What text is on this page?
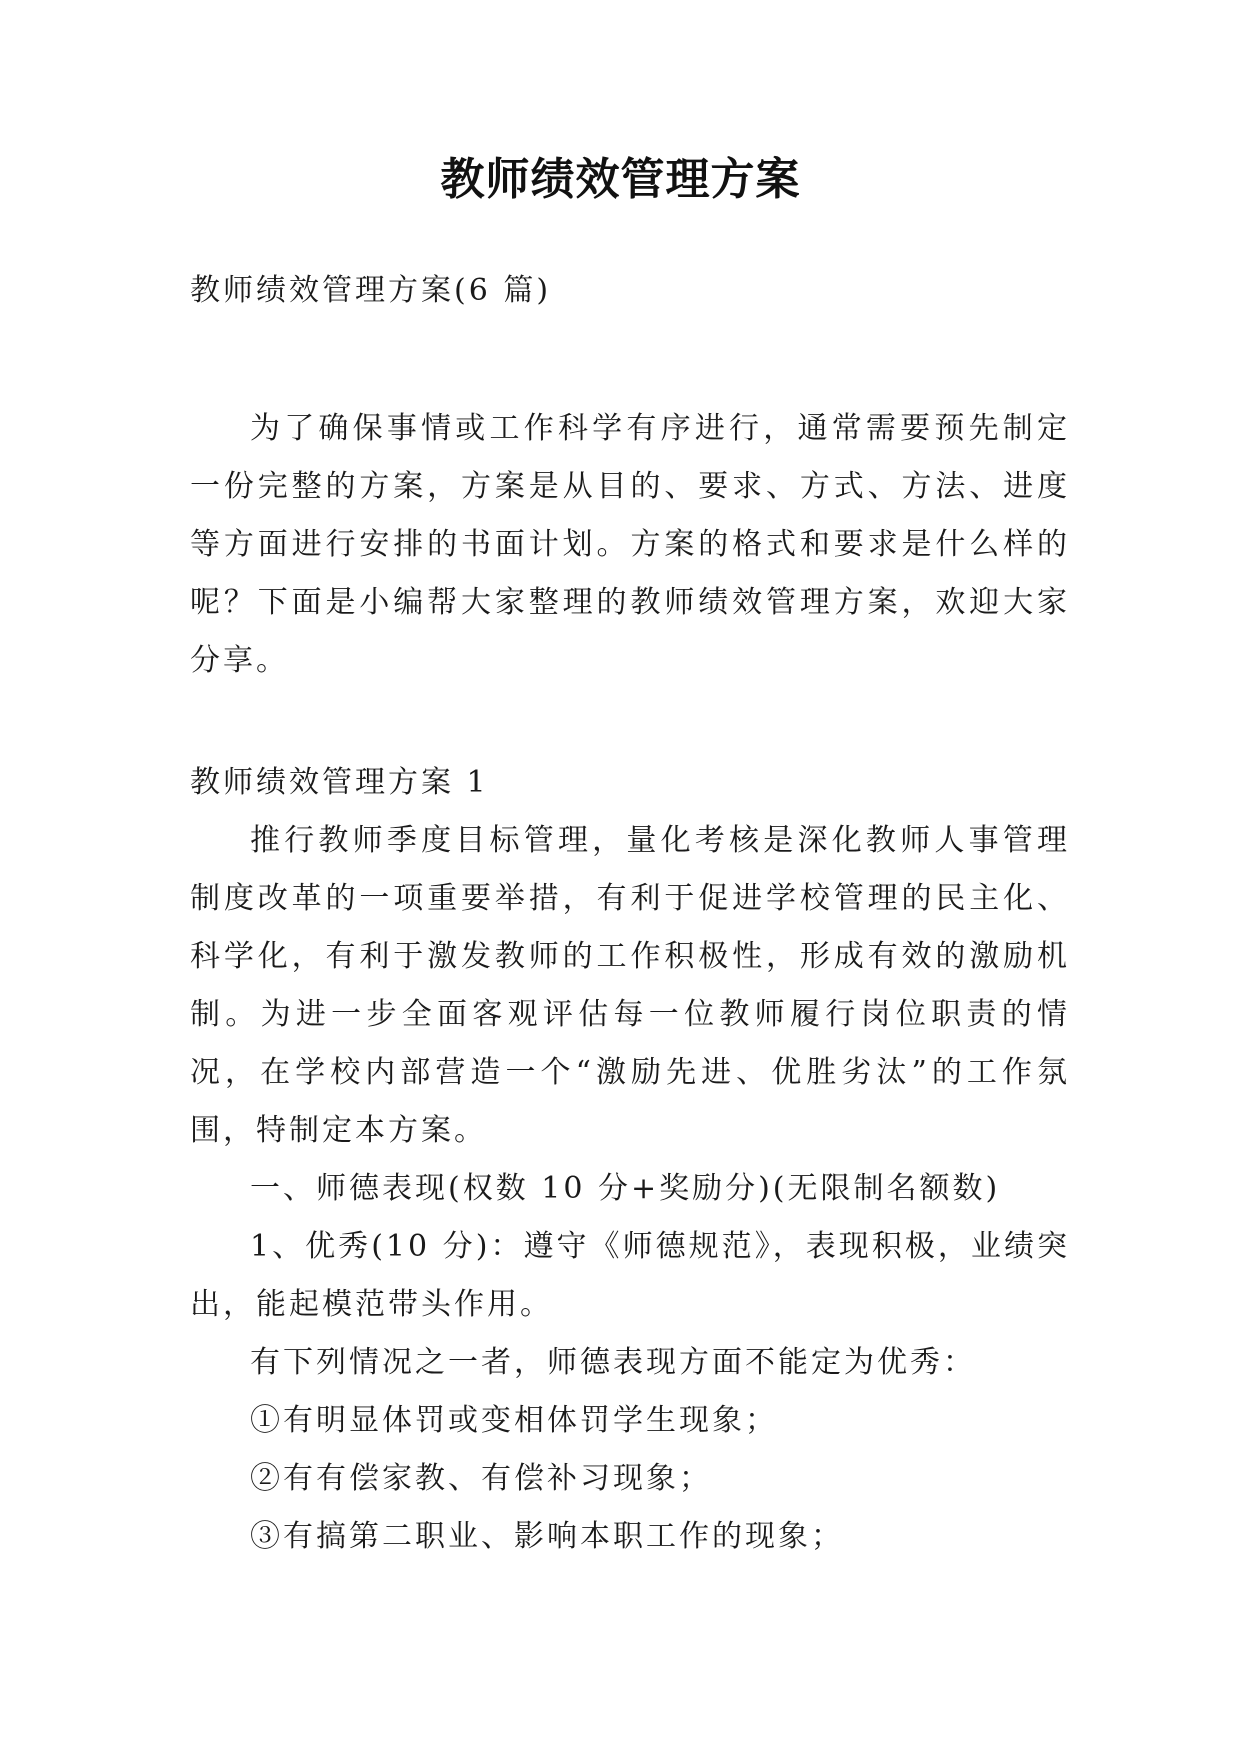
教师绩效管理方案

教师绩效管理方案(6 篇)

为了确保事情或工作科学有序进行，通常需要预先制定一份完整的方案，方案是从目的、要求、方式、方法、进度等方面进行安排的书面计划。方案的格式和要求是什么样的呢？下面是小编帮大家整理的教师绩效管理方案，欢迎大家分享。

教师绩效管理方案 1

推行教师季度目标管理，量化考核是深化教师人事管理制度改革的一项重要举措，有利于促进学校管理的民主化、科学化，有利于激发教师的工作积极性，形成有效的激励机制。为进一步全面客观评估每一位教师履行岗位职责的情况，在学校内部营造一个“激励先进、优胜劣汰”的工作氛围，特制定本方案。

一、师德表现(权数 10 分+奖励分)(无限制名额数)

1、优秀(10 分)：遵守《师德规范》，表现积极，业绩突出，能起模范带头作用。

有下列情况之一者，师德表现方面不能定为优秀：

①有明显体罚或变相体罚学生现象；

②有有偿家教、有偿补习现象；

③有搞第二职业、影响本职工作的现象；
